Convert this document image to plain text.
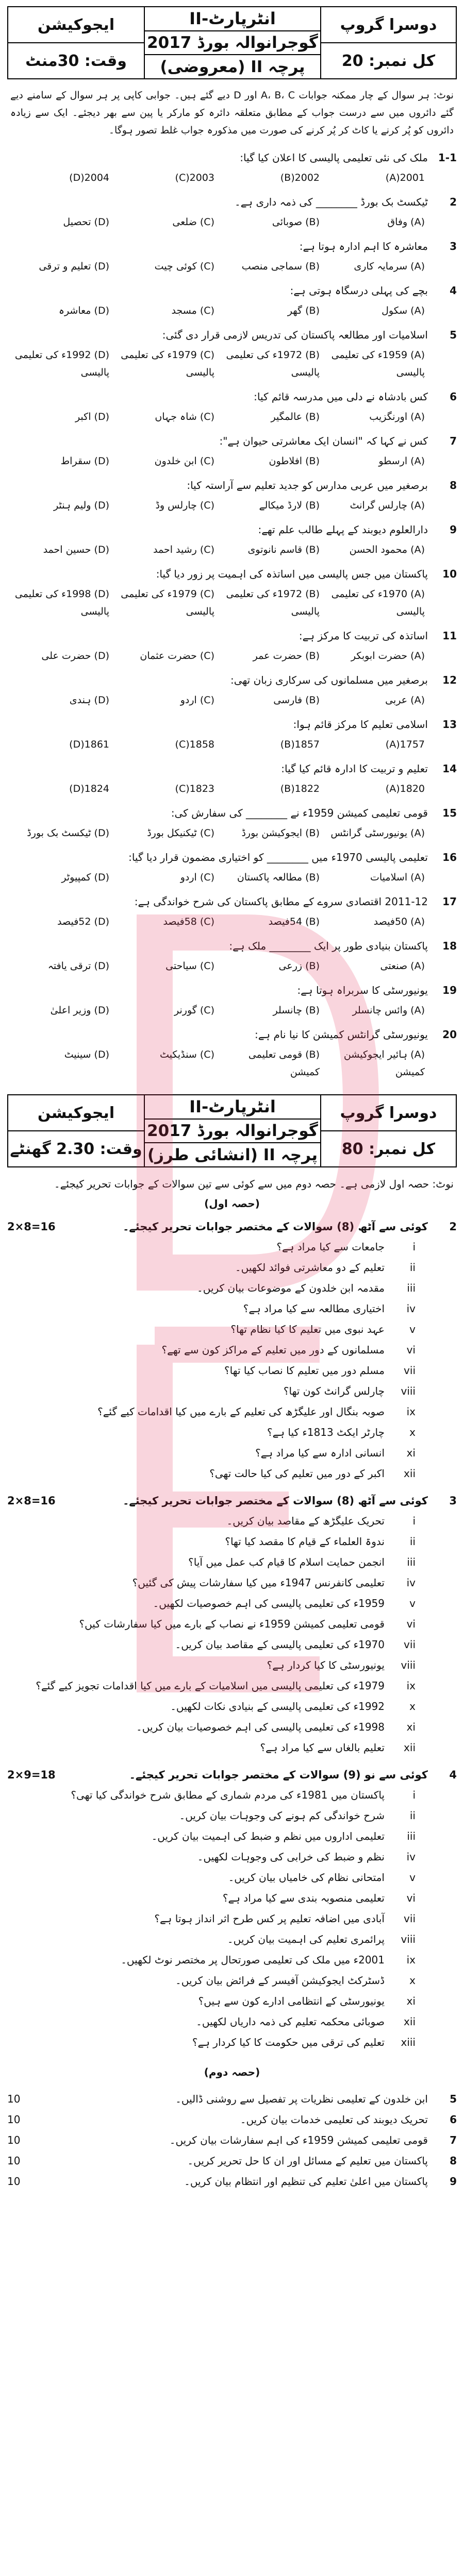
ایجوکیشن
وقت: 30منٹ
انٹرپارٹ-II
گوجرانوالہ بورڈ 2017
پرچہ II (معروضی)
دوسرا گروپ
کل نمبر: 20

نوٹ: ہر سوال کے چار ممکنہ جوابات A، B، C اور D دیے گئے ہیں۔ جوابی کاپی پر ہر سوال کے سامنے دیے گئے دائروں میں سے درست جواب کے مطابق متعلقہ دائرہ کو مارکر یا پین سے بھر دیجئے۔ ایک سے زیادہ دائروں کو پُر کرنے یا کاٹ کر پُر کرنے کی صورت میں مذکورہ جواب غلط تصور ہوگا۔

1-1
ملک کی نئی تعلیمی پالیسی کا اعلان کیا گیا:
2001(A)
2002(B)
2003(C)
2004(D)
2
ٹیکسٹ بک بورڈ ________ کی ذمہ داری ہے۔
(A) وفاق
(B) صوبائی
(C) ضلعی
(D) تحصیل
3
معاشرہ کا اہم ادارہ ہوتا ہے:
(A) سرمایہ کاری
(B) سماجی منصب
(C) کوئی چیت
(D) تعلیم و ترقی
4
بچے کی پہلی درسگاہ ہوتی ہے:
(A) سکول
(B) گھر
(C) مسجد
(D) معاشرہ
5
اسلامیات اور مطالعہ پاکستان کی تدریس لازمی قرار دی گئی:
(A) 1959ء کی تعلیمی پالیسی
(B) 1972ء کی تعلیمی پالیسی
(C) 1979ء کی تعلیمی پالیسی
(D) 1992ء کی تعلیمی پالیسی
6
کس بادشاہ نے دلی میں مدرسہ قائم کیا:
(A) اورنگزیب
(B) عالمگیر
(C) شاہ جہاں
(D) اکبر
7
کس نے کہا کہ "انسان ایک معاشرتی حیوان ہے":
(A) ارسطو
(B) افلاطون
(C) ابن خلدون
(D) سقراط
8
برصغیر میں عربی مدارس کو جدید تعلیم سے آراستہ کیا:
(A) چارلس گرانٹ
(B) لارڈ میکالے
(C) چارلس وڈ
(D) ولیم ہنٹر
9
دارالعلوم دیوبند کے پہلے طالب علم تھے:
(A) محمود الحسن
(B) قاسم نانوتوی
(C) رشید احمد
(D) حسین احمد
10
پاکستان میں جس پالیسی میں اساتذہ کی اہمیت پر زور دیا گیا:
(A) 1970ء کی تعلیمی پالیسی
(B) 1972ء کی تعلیمی پالیسی
(C) 1979ء کی تعلیمی پالیسی
(D) 1998ء کی تعلیمی پالیسی
11
اساتذہ کی تربیت کا مرکز ہے:
(A) حضرت ابوبکر
(B) حضرت عمر
(C) حضرت عثمان
(D) حضرت علی
12
برصغیر میں مسلمانوں کی سرکاری زبان تھی:
(A) عربی
(B) فارسی
(C) اردو
(D) ہندی
13
اسلامی تعلیم کا مرکز قائم ہوا:
1757(A)
1857(B)
1858(C)
1861(D)
14
تعلیم و تربیت کا ادارہ قائم کیا گیا:
1820(A)
1822(B)
1823(C)
1824(D)
15
قومی تعلیمی کمیشن 1959ء نے ________ کی سفارش کی:
(A) یونیورسٹی گرانٹس
(B) ایجوکیشن بورڈ
(C) ٹیکنیکل بورڈ
(D) ٹیکسٹ بک بورڈ
16
تعلیمی پالیسی 1970ء میں ________ کو اختیاری مضمون قرار دیا گیا:
(A) اسلامیات
(B) مطالعہ پاکستان
(C) اردو
(D) کمپیوٹر
17
2011-12 اقتصادی سروے کے مطابق پاکستان کی شرح خواندگی ہے:
(A) 50فیصد
(B) 54فیصد
(C) 58فیصد
(D) 52فیصد
18
پاکستان بنیادی طور پر ایک ________ ملک ہے:
(A) صنعتی
(B) زرعی
(C) سیاحتی
(D) ترقی یافتہ
19
یونیورسٹی کا سربراہ ہوتا ہے:
(A) وائس چانسلر
(B) چانسلر
(C) گورنر
(D) وزیر اعلیٰ
20
یونیورسٹی گرانٹس کمیشن کا نیا نام ہے:
(A) ہائیر ایجوکیشن کمیشن
(B) قومی تعلیمی کمیشن
(C) سنڈیکیٹ
(D) سینیٹ
ایجوکیشن
وقت: 2.30 گھنٹے
انٹرپارٹ-II
گوجرانوالہ بورڈ 2017
پرچہ II (انشائی طرز)
دوسرا گروپ
کل نمبر: 80

نوٹ: حصہ اول لازمی ہے۔ حصہ دوم میں سے کوئی سے تین سوالات کے جوابات تحریر کیجئے۔

(حصہ اول)
2
کوئی سے آٹھ (8) سوالات کے مختصر جوابات تحریر کیجئے۔
2×8=16
i
جامعات سے کیا مراد ہے؟
ii
تعلیم کے دو معاشرتی فوائد لکھیں۔
iii
مقدمہ ابن خلدون کے موضوعات بیان کریں۔
iv
اختیاری مطالعہ سے کیا مراد ہے؟
v
عہد نبوی میں تعلیم کا کیا نظام تھا؟
vi
مسلمانوں کے دور میں تعلیم کے مراکز کون سے تھے؟
vii
مسلم دور میں تعلیم کا نصاب کیا تھا؟
viii
چارلس گرانٹ کون تھا؟
ix
صوبہ بنگال اور علیگڑھ کی تعلیم کے بارے میں کیا اقدامات کیے گئے؟
x
چارٹر ایکٹ 1813ء کیا ہے؟
xi
انسانی ادارہ سے کیا مراد ہے؟
xii
اکبر کے دور میں تعلیم کی کیا حالت تھی؟
3
کوئی سے آٹھ (8) سوالات کے مختصر جوابات تحریر کیجئے۔
2×8=16
i
تحریک علیگڑھ کے مقاصد بیان کریں۔
ii
ندوۃ العلماء کے قیام کا مقصد کیا تھا؟
iii
انجمن حمایت اسلام کا قیام کب عمل میں آیا؟
iv
تعلیمی کانفرنس 1947ء میں کیا سفارشات پیش کی گئیں؟
v
1959ء کی تعلیمی پالیسی کی اہم خصوصیات لکھیں۔
vi
قومی تعلیمی کمیشن 1959ء نے نصاب کے بارے میں کیا سفارشات کیں؟
vii
1970ء کی تعلیمی پالیسی کے مقاصد بیان کریں۔
viii
یونیورسٹی کا کیا کردار ہے؟
ix
1979ء کی تعلیمی پالیسی میں اسلامیات کے بارے میں کیا اقدامات تجویز کیے گئے؟
x
1992ء کی تعلیمی پالیسی کے بنیادی نکات لکھیں۔
xi
1998ء کی تعلیمی پالیسی کی اہم خصوصیات بیان کریں۔
xii
تعلیم بالغاں سے کیا مراد ہے؟
4
کوئی سے نو (9) سوالات کے مختصر جوابات تحریر کیجئے۔
2×9=18
i
پاکستان میں 1981ء کی مردم شماری کے مطابق شرح خواندگی کیا تھی؟
ii
شرح خواندگی کم ہونے کی وجوہات بیان کریں۔
iii
تعلیمی اداروں میں نظم و ضبط کی اہمیت بیان کریں۔
iv
نظم و ضبط کی خرابی کی وجوہات لکھیں۔
v
امتحانی نظام کی خامیاں بیان کریں۔
vi
تعلیمی منصوبہ بندی سے کیا مراد ہے؟
vii
آبادی میں اضافہ تعلیم پر کس طرح اثر انداز ہوتا ہے؟
viii
پرائمری تعلیم کی اہمیت بیان کریں۔
ix
2001ء میں ملک کی تعلیمی صورتحال پر مختصر نوٹ لکھیں۔
x
ڈسٹرکٹ ایجوکیشن آفیسر کے فرائض بیان کریں۔
xi
یونیورسٹی کے انتظامی ادارے کون سے ہیں؟
xii
صوبائی محکمہ تعلیم کی ذمہ داریاں لکھیں۔
xiii
تعلیم کی ترقی میں حکومت کا کیا کردار ہے؟
(حصہ دوم)
5
ابن خلدون کے تعلیمی نظریات پر تفصیل سے روشنی ڈالیں۔
10
6
تحریک دیوبند کی تعلیمی خدمات بیان کریں۔
10
7
قومی تعلیمی کمیشن 1959ء کی اہم سفارشات بیان کریں۔
10
8
پاکستان میں تعلیم کے مسائل اور ان کا حل تحریر کریں۔
10
9
پاکستان میں اعلیٰ تعلیم کی تنظیم اور انتظام بیان کریں۔
10
